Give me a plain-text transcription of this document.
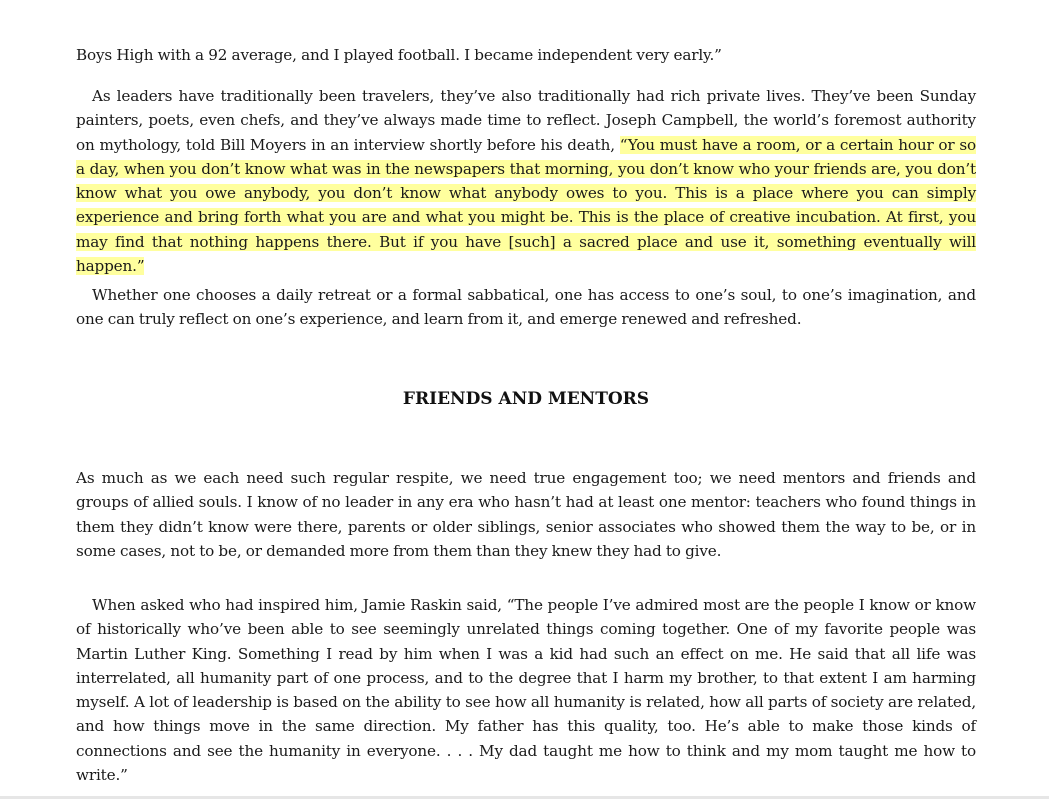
Boys High with a 92 average, and I played football. I became independent very early.”

As leaders have traditionally been travelers, they’ve also traditionally had rich private lives. They’ve been Sunday painters, poets, even chefs, and they’ve always made time to reflect. Joseph Campbell, the world’s foremost authority on mythology, told Bill Moyers in an interview shortly before his death, “You must have a room, or a certain hour or so a day, when you don’t know what was in the newspapers that morning, you don’t know who your friends are, you don’t know what you owe anybody, you don’t know what anybody owes to you. This is a place where you can simply experience and bring forth what you are and what you might be. This is the place of creative incubation. At first, you may find that nothing happens there. But if you have [such] a sacred place and use it, something eventually will happen.”

Whether one chooses a daily retreat or a formal sabbatical, one has access to one’s soul, to one’s imagination, and one can truly reflect on one’s experience, and learn from it, and emerge renewed and refreshed.

FRIENDS AND MENTORS

As much as we each need such regular respite, we need true engagement too; we need mentors and friends and groups of allied souls. I know of no leader in any era who hasn’t had at least one mentor: teachers who found things in them they didn’t know were there, parents or older siblings, senior associates who showed them the way to be, or in some cases, not to be, or demanded more from them than they knew they had to give.

When asked who had inspired him, Jamie Raskin said, “The people I’ve admired most are the people I know or know of historically who’ve been able to see seemingly unrelated things coming together. One of my favorite people was Martin Luther King. Something I read by him when I was a kid had such an effect on me. He said that all life was interrelated, all humanity part of one process, and to the degree that I harm my brother, to that extent I am harming myself. A lot of leadership is based on the ability to see how all humanity is related, how all parts of society are related, and how things move in the same direction. My father has this quality, too. He’s able to make those kinds of connections and see the humanity in everyone. . . . My dad taught me how to think and my mom taught me how to write.”
